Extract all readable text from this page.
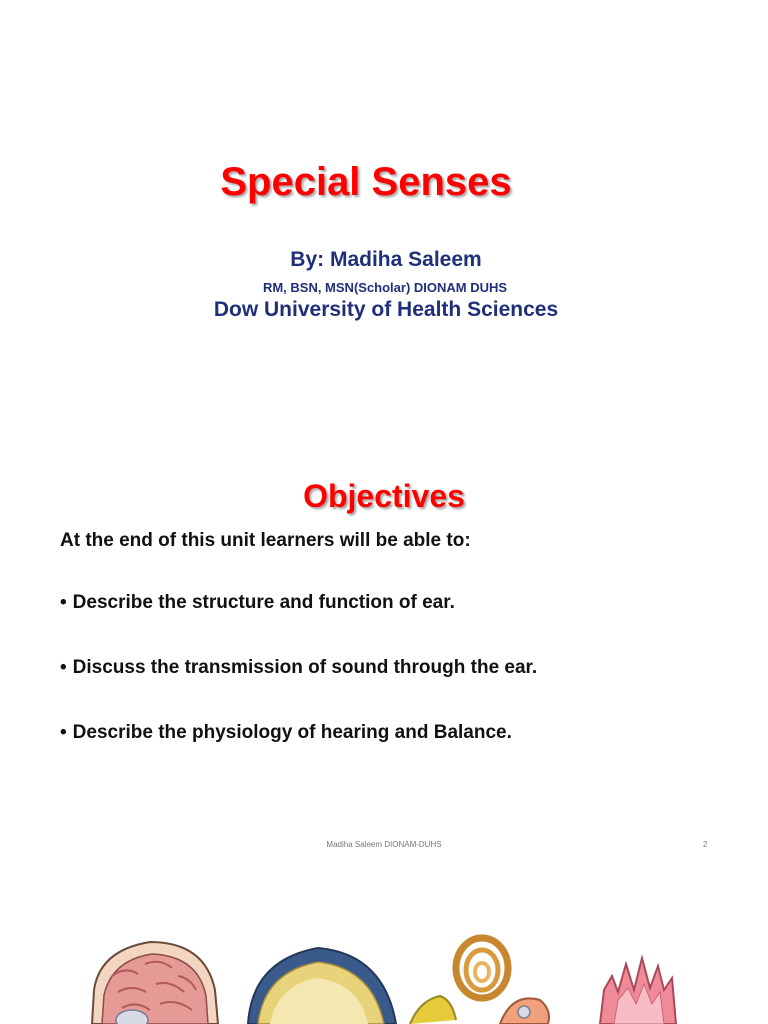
Special Senses
By: Madiha Saleem
RM, BSN, MSN(Scholar) DIONAM DUHS
Dow University of Health Sciences
Objectives
At the end of this unit learners will be able to:
• Describe the structure and function of ear.
• Discuss the transmission of sound through the ear.
• Describe the physiology of hearing and Balance.
Madiha Saleem DIONAM-DUHS	2
